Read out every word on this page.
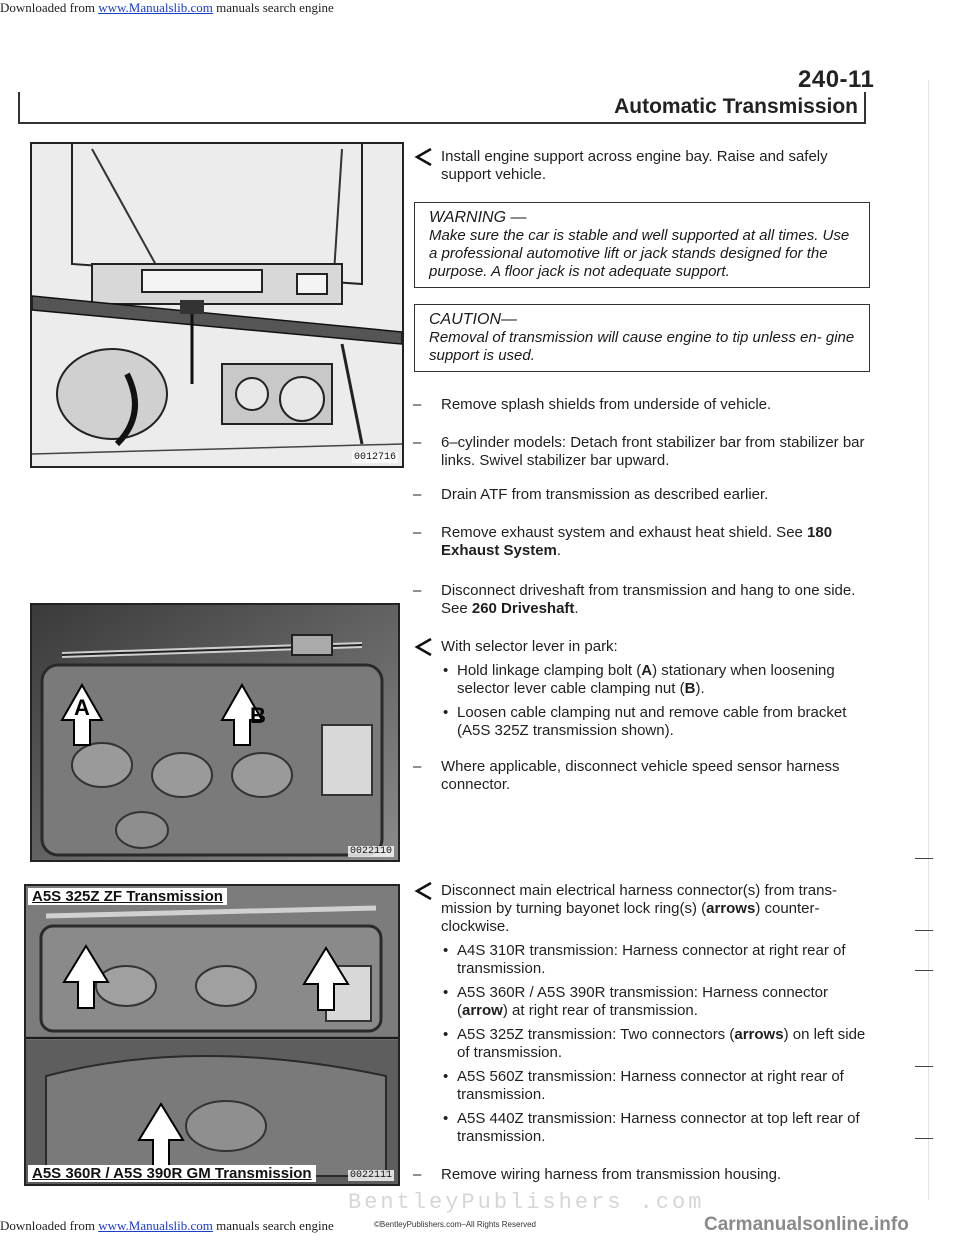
Downloaded from www.Manualslib.com manuals search engine
240-11
Automatic Transmission
0012716
A	B
0022110
A5S 325Z ZF Transmission
A5S 360R / A5S 390R GM Transmission	0022111
Install engine support across engine bay. Raise and safely support vehicle.
WARNING —
Make sure the car is stable and well supported at all times. Use a professional automotive lift or jack stands designed for the purpose. A floor jack is not adequate support.
CAUTION—
Removal of transmission will cause engine to tip unless en- gine support is used.
– Remove splash shields from underside of vehicle.
– 6–cylinder models: Detach front stabilizer bar from stabilizer bar links. Swivel stabilizer bar upward.
– Drain ATF from transmission as described earlier.
– Remove exhaust system and exhaust heat shield. See 180 Exhaust System.
– Disconnect driveshaft from transmission and hang to one side. See 260 Driveshaft.
With selector lever in park:
• Hold linkage clamping bolt (A) stationary when loosening selector lever cable clamping nut (B).
• Loosen cable clamping nut and remove cable from bracket (A5S 325Z transmission shown).
– Where applicable, disconnect vehicle speed sensor harness connector.
Disconnect main electrical harness connector(s) from trans- mission by turning bayonet lock ring(s) (arrows) counter- clockwise.
• A4S 310R transmission: Harness connector at right rear of transmission.
• A5S 360R / A5S 390R transmission: Harness connector (arrow) at right rear of transmission.
• A5S 325Z transmission: Two connectors (arrows) on left side of transmission.
• A5S 560Z transmission: Harness connector at right rear of transmission.
• A5S 440Z transmission: Harness connector at top left rear of transmission.
– Remove wiring harness from transmission housing.
BentleyPublishers .com
Downloaded from www.Manualslib.com manuals search engine	©BentleyPublishers.com–All Rights Reserved	Carmanualsonline.info
